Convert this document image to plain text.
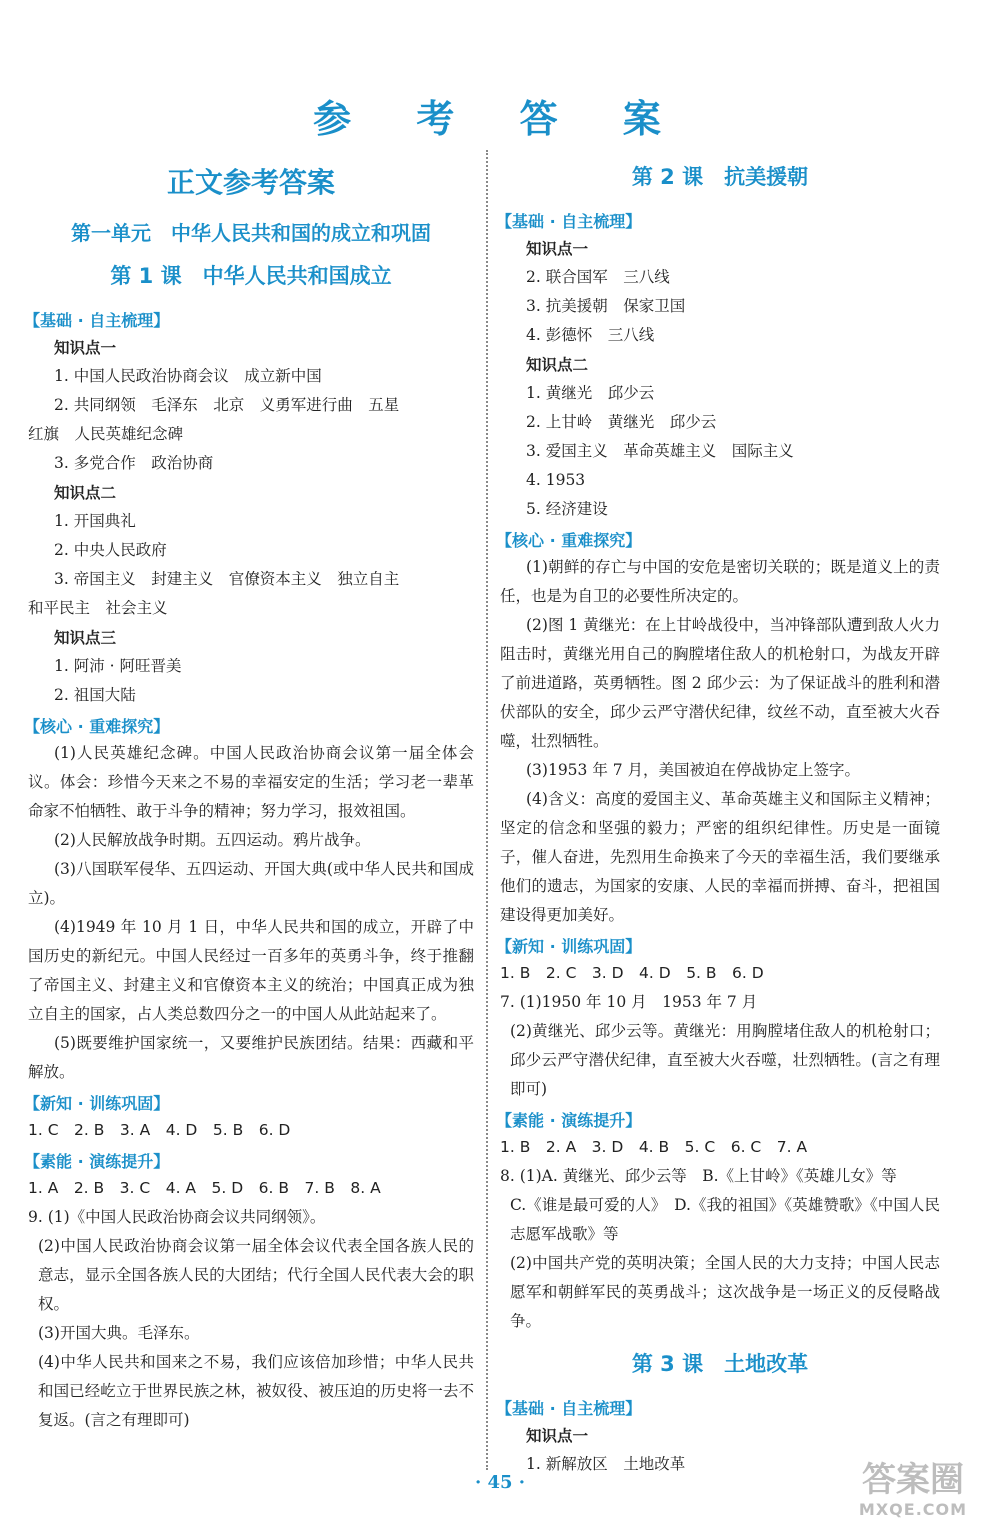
参 考 答 案
正文参考答案
第一单元　中华人民共和国的成立和巩固
第 1 课　中华人民共和国成立
【基础 · 自主梳理】
知识点一
1. 中国人民政治协商会议　成立新中国
2. 共同纲领　毛泽东　北京　义勇军进行曲　五星
红旗　人民英雄纪念碑
3. 多党合作　政治协商
知识点二
1. 开国典礼
2. 中央人民政府
3. 帝国主义　封建主义　官僚资本主义　独立自主
和平民主　社会主义
知识点三
1. 阿沛 · 阿旺晋美
2. 祖国大陆
【核心 · 重难探究】
(1)人民英雄纪念碑。中国人民政治协商会议第一届全体会议。体会：珍惜今天来之不易的幸福安定的生活；学习老一辈革命家不怕牺牲、敢于斗争的精神；努力学习，报效祖国。
(2)人民解放战争时期。五四运动。鸦片战争。
(3)八国联军侵华、五四运动、开国大典(或中华人民共和国成立)。
(4)1949 年 10 月 1 日，中华人民共和国的成立，开辟了中国历史的新纪元。中国人民经过一百多年的英勇斗争，终于推翻了帝国主义、封建主义和官僚资本主义的统治；中国真正成为独立自主的国家，占人类总数四分之一的中国人从此站起来了。
(5)既要维护国家统一，又要维护民族团结。结果：西藏和平解放。
【新知 · 训练巩固】
1. C　2. B　3. A　4. D　5. B　6. D
【素能 · 演练提升】
1. A　2. B　3. C　4. A　5. D　6. B　7. B　8. A
9. (1)《中国人民政治协商会议共同纲领》。
(2)中国人民政治协商会议第一届全体会议代表全国各族人民的意志，显示全国各族人民的大团结；代行全国人民代表大会的职权。
(3)开国大典。毛泽东。
(4)中华人民共和国来之不易，我们应该倍加珍惜；中华人民共和国已经屹立于世界民族之林，被奴役、被压迫的历史将一去不复返。(言之有理即可)
第 2 课　抗美援朝
【基础 · 自主梳理】
知识点一
2. 联合国军　三八线
3. 抗美援朝　保家卫国
4. 彭德怀　三八线
知识点二
1. 黄继光　邱少云
2. 上甘岭　黄继光　邱少云
3. 爱国主义　革命英雄主义　国际主义
4. 1953
5. 经济建设
【核心 · 重难探究】
(1)朝鲜的存亡与中国的安危是密切关联的；既是道义上的责任，也是为自卫的必要性所决定的。
(2)图 1 黄继光：在上甘岭战役中，当冲锋部队遭到敌人火力阻击时，黄继光用自己的胸膛堵住敌人的机枪射口，为战友开辟了前进道路，英勇牺牲。图 2 邱少云：为了保证战斗的胜利和潜伏部队的安全，邱少云严守潜伏纪律，纹丝不动，直至被大火吞噬，壮烈牺牲。
(3)1953 年 7 月，美国被迫在停战协定上签字。
(4)含义：高度的爱国主义、革命英雄主义和国际主义精神；坚定的信念和坚强的毅力；严密的组织纪律性。历史是一面镜子，催人奋进，先烈用生命换来了今天的幸福生活，我们要继承他们的遗志，为国家的安康、人民的幸福而拼搏、奋斗，把祖国建设得更加美好。
【新知 · 训练巩固】
1. B　2. C　3. D　4. D　5. B　6. D
7. (1)1950 年 10 月　1953 年 7 月
(2)黄继光、邱少云等。黄继光：用胸膛堵住敌人的机枪射口；邱少云严守潜伏纪律，直至被大火吞噬，壮烈牺牲。(言之有理即可)
【素能 · 演练提升】
1. B　2. A　3. D　4. B　5. C　6. C　7. A
8. (1)A. 黄继光、邱少云等　B.《上甘岭》《英雄儿女》等
C.《谁是最可爱的人》　D.《我的祖国》《英雄赞歌》《中国人民志愿军战歌》等
(2)中国共产党的英明决策；全国人民的大力支持；中国人民志愿军和朝鲜军民的英勇战斗；这次战争是一场正义的反侵略战争。
第 3 课　土地改革
【基础 · 自主梳理】
知识点一
1. 新解放区　土地改革
· 45 ·	答案圈
MXQE.COM
